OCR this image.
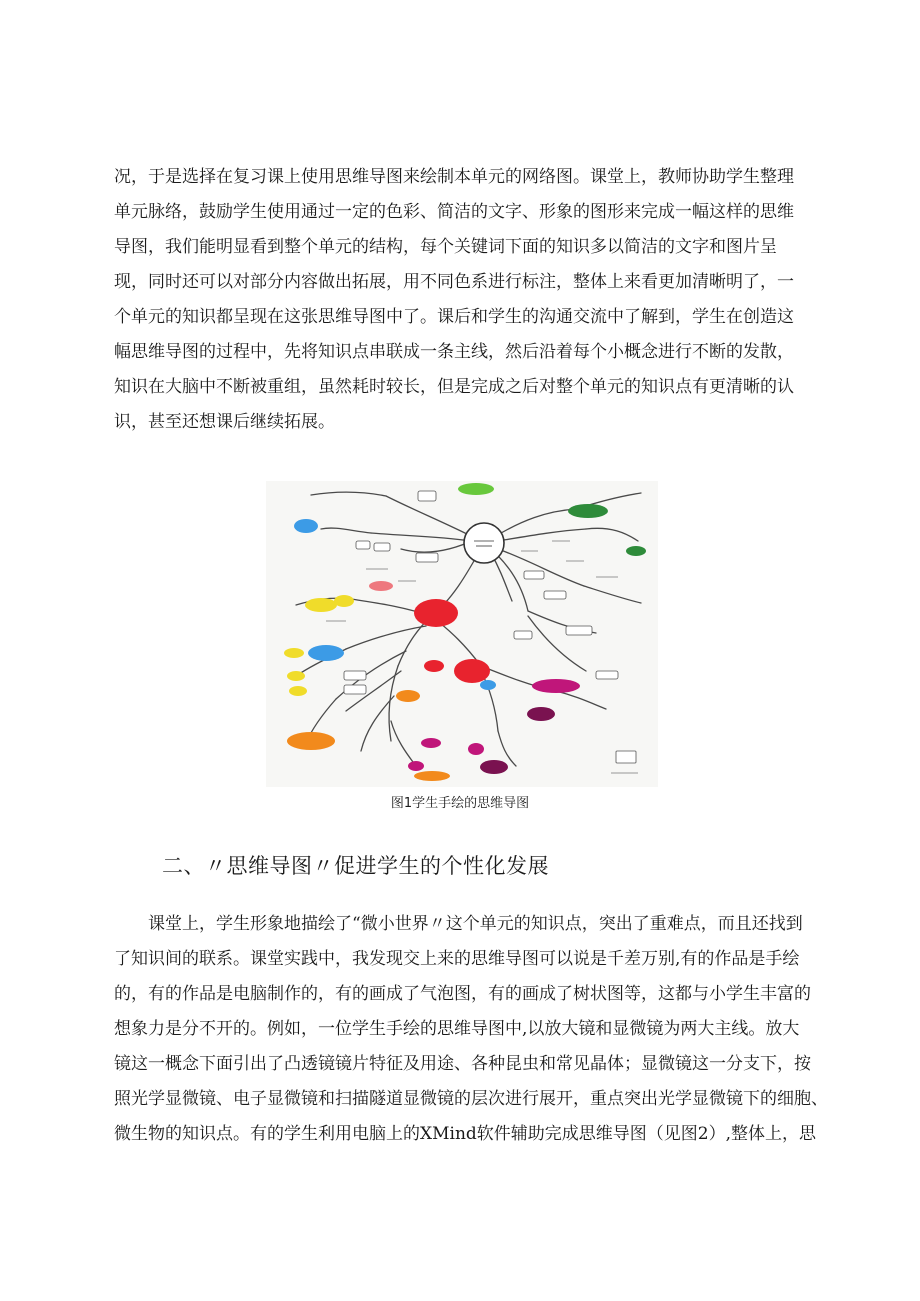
况，于是选择在复习课上使用思维导图来绘制本单元的网络图。课堂上，教师协助学生整理
单元脉络，鼓励学生使用通过一定的色彩、简洁的文字、形象的图形来完成一幅这样的思维
导图，我们能明显看到整个单元的结构，每个关键词下面的知识多以简洁的文字和图片呈
现，同时还可以对部分内容做出拓展，用不同色系进行标注，整体上来看更加清晰明了，一
个单元的知识都呈现在这张思维导图中了。课后和学生的沟通交流中了解到，学生在创造这
幅思维导图的过程中，先将知识点串联成一条主线，然后沿着每个小概念进行不断的发散，
知识在大脑中不断被重组，虽然耗时较长，但是完成之后对整个单元的知识点有更清晰的认
识，甚至还想课后继续拓展。
图1学生手绘的思维导图
二、〃思维导图〃促进学生的个性化发展
课堂上，学生形象地描绘了“微小世界〃这个单元的知识点，突出了重难点，而且还找到
了知识间的联系。课堂实践中，我发现交上来的思维导图可以说是千差万别,有的作品是手绘
的，有的作品是电脑制作的，有的画成了气泡图，有的画成了树状图等，这都与小学生丰富的
想象力是分不开的。例如，一位学生手绘的思维导图中,以放大镜和显微镜为两大主线。放大
镜这一概念下面引出了凸透镜镜片特征及用途、各种昆虫和常见晶体；显微镜这一分支下，按
照光学显微镜、电子显微镜和扫描隧道显微镜的层次进行展开，重点突出光学显微镜下的细胞、
微生物的知识点。有的学生利用电脑上的XMind软件辅助完成思维导图（见图2）,整体上，思
